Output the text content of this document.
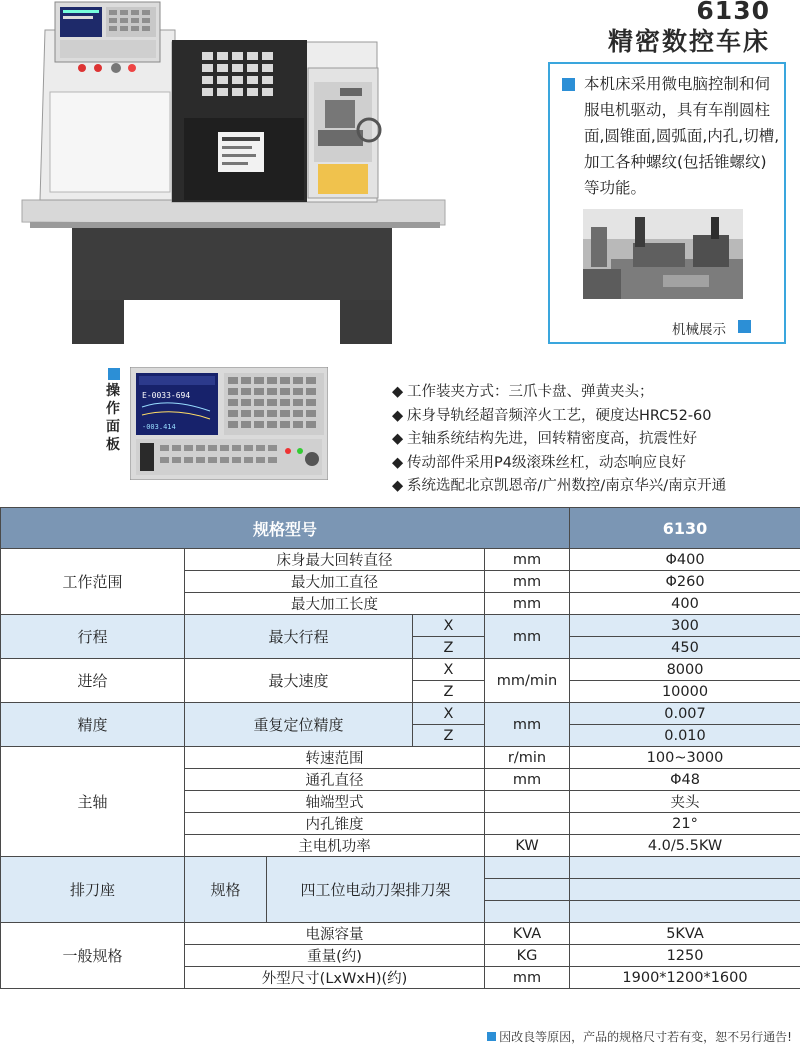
6130
精密数控车床
本机床采用微电脑控制和伺服电机驱动，具有车削圆柱面,圆锥面,圆弧面,内孔,切槽,加工各种螺纹(包括锥螺纹)等功能。
机械展示
操作面板
E-0033-694
-003.414
◆ 工作装夹方式：三爪卡盘、弹黄夹头；
◆ 床身导轨经超音频淬火工艺，硬度达HRC52-60
◆ 主轴系统结构先进，回转精密度高，抗震性好
◆ 传动部件采用P4级滚珠丝杠，动态响应良好
◆ 系统选配北京凯恩帝/广州数控/南京华兴/南京开通
规格型号					6130
工作范围	床身最大回转直径			mm	Φ400
	最大加工直径			mm	Φ260
	最大加工长度			mm	400
行程	最大行程		X	mm	300
			Z		450
进给	最大速度		X	mm/min	8000
			Z		10000
精度	重复定位精度		X	mm	0.007
			Z		0.010
主轴	转速范围			r/min	100~3000
	通孔直径			mm	Φ48
	轴端型式				夹头
	内孔锥度				21°
	主电机功率			KW	4.0/5.5KW
排刀座	规格	四工位电动刀架排刀架			

一般规格	电源容量			KVA	5KVA
	重量(约)			KG	1250
	外型尺寸(LxWxH)(约)			mm	1900*1200*1600
因改良等原因，产品的规格尺寸若有变，恕不另行通告!
